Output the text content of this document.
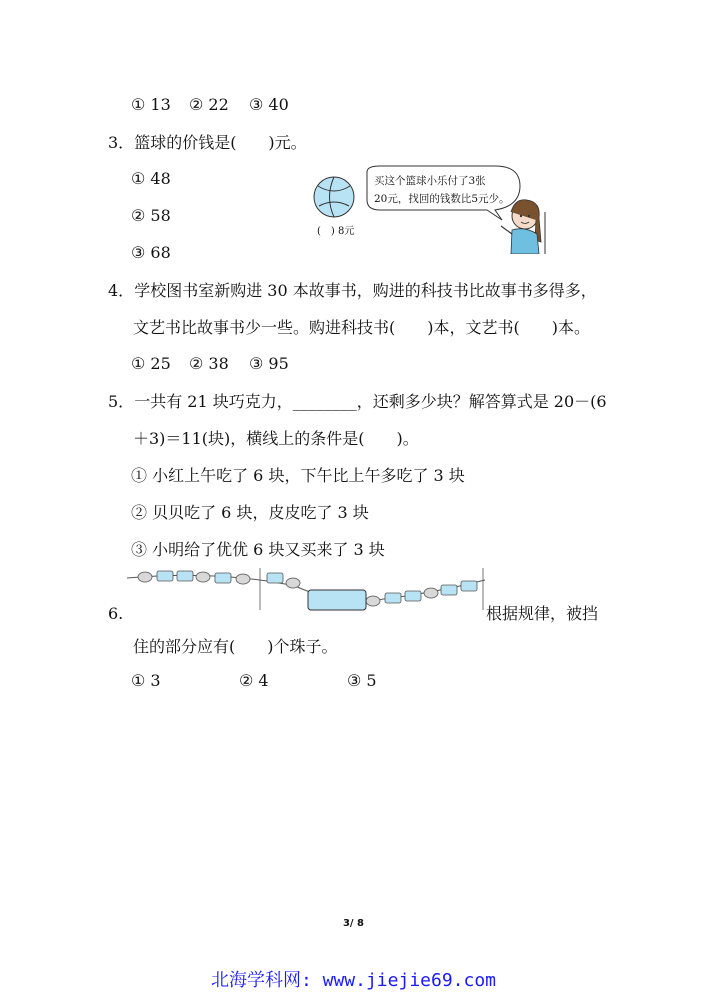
① 13 ② 22 ③ 40
3．篮球的价钱是(　　)元。
① 48
② 58
③ 68
(　) 8元
买这个篮球小乐付了3张
20元，找回的钱数比5元少。
4．学校图书室新购进 30 本故事书，购进的科技书比故事书多得多，
文艺书比故事书少一些。购进科技书(　　)本，文艺书(　　)本。
① 25 ② 38 ③ 95
5．一共有 21 块巧克力，________，还剩多少块？解答算式是 20－(6
＋3)＝11(块)，横线上的条件是(　　)。
① 小红上午吃了 6 块，下午比上午多吃了 3 块
② 贝贝吃了 6 块，皮皮吃了 3 块
③ 小明给了优优 6 块又买来了 3 块
6.	根据规律，被挡
住的部分应有(　　)个珠子。
① 3	② 4	③ 5
3/ 8
北海学科网: www.jiejie69.com
